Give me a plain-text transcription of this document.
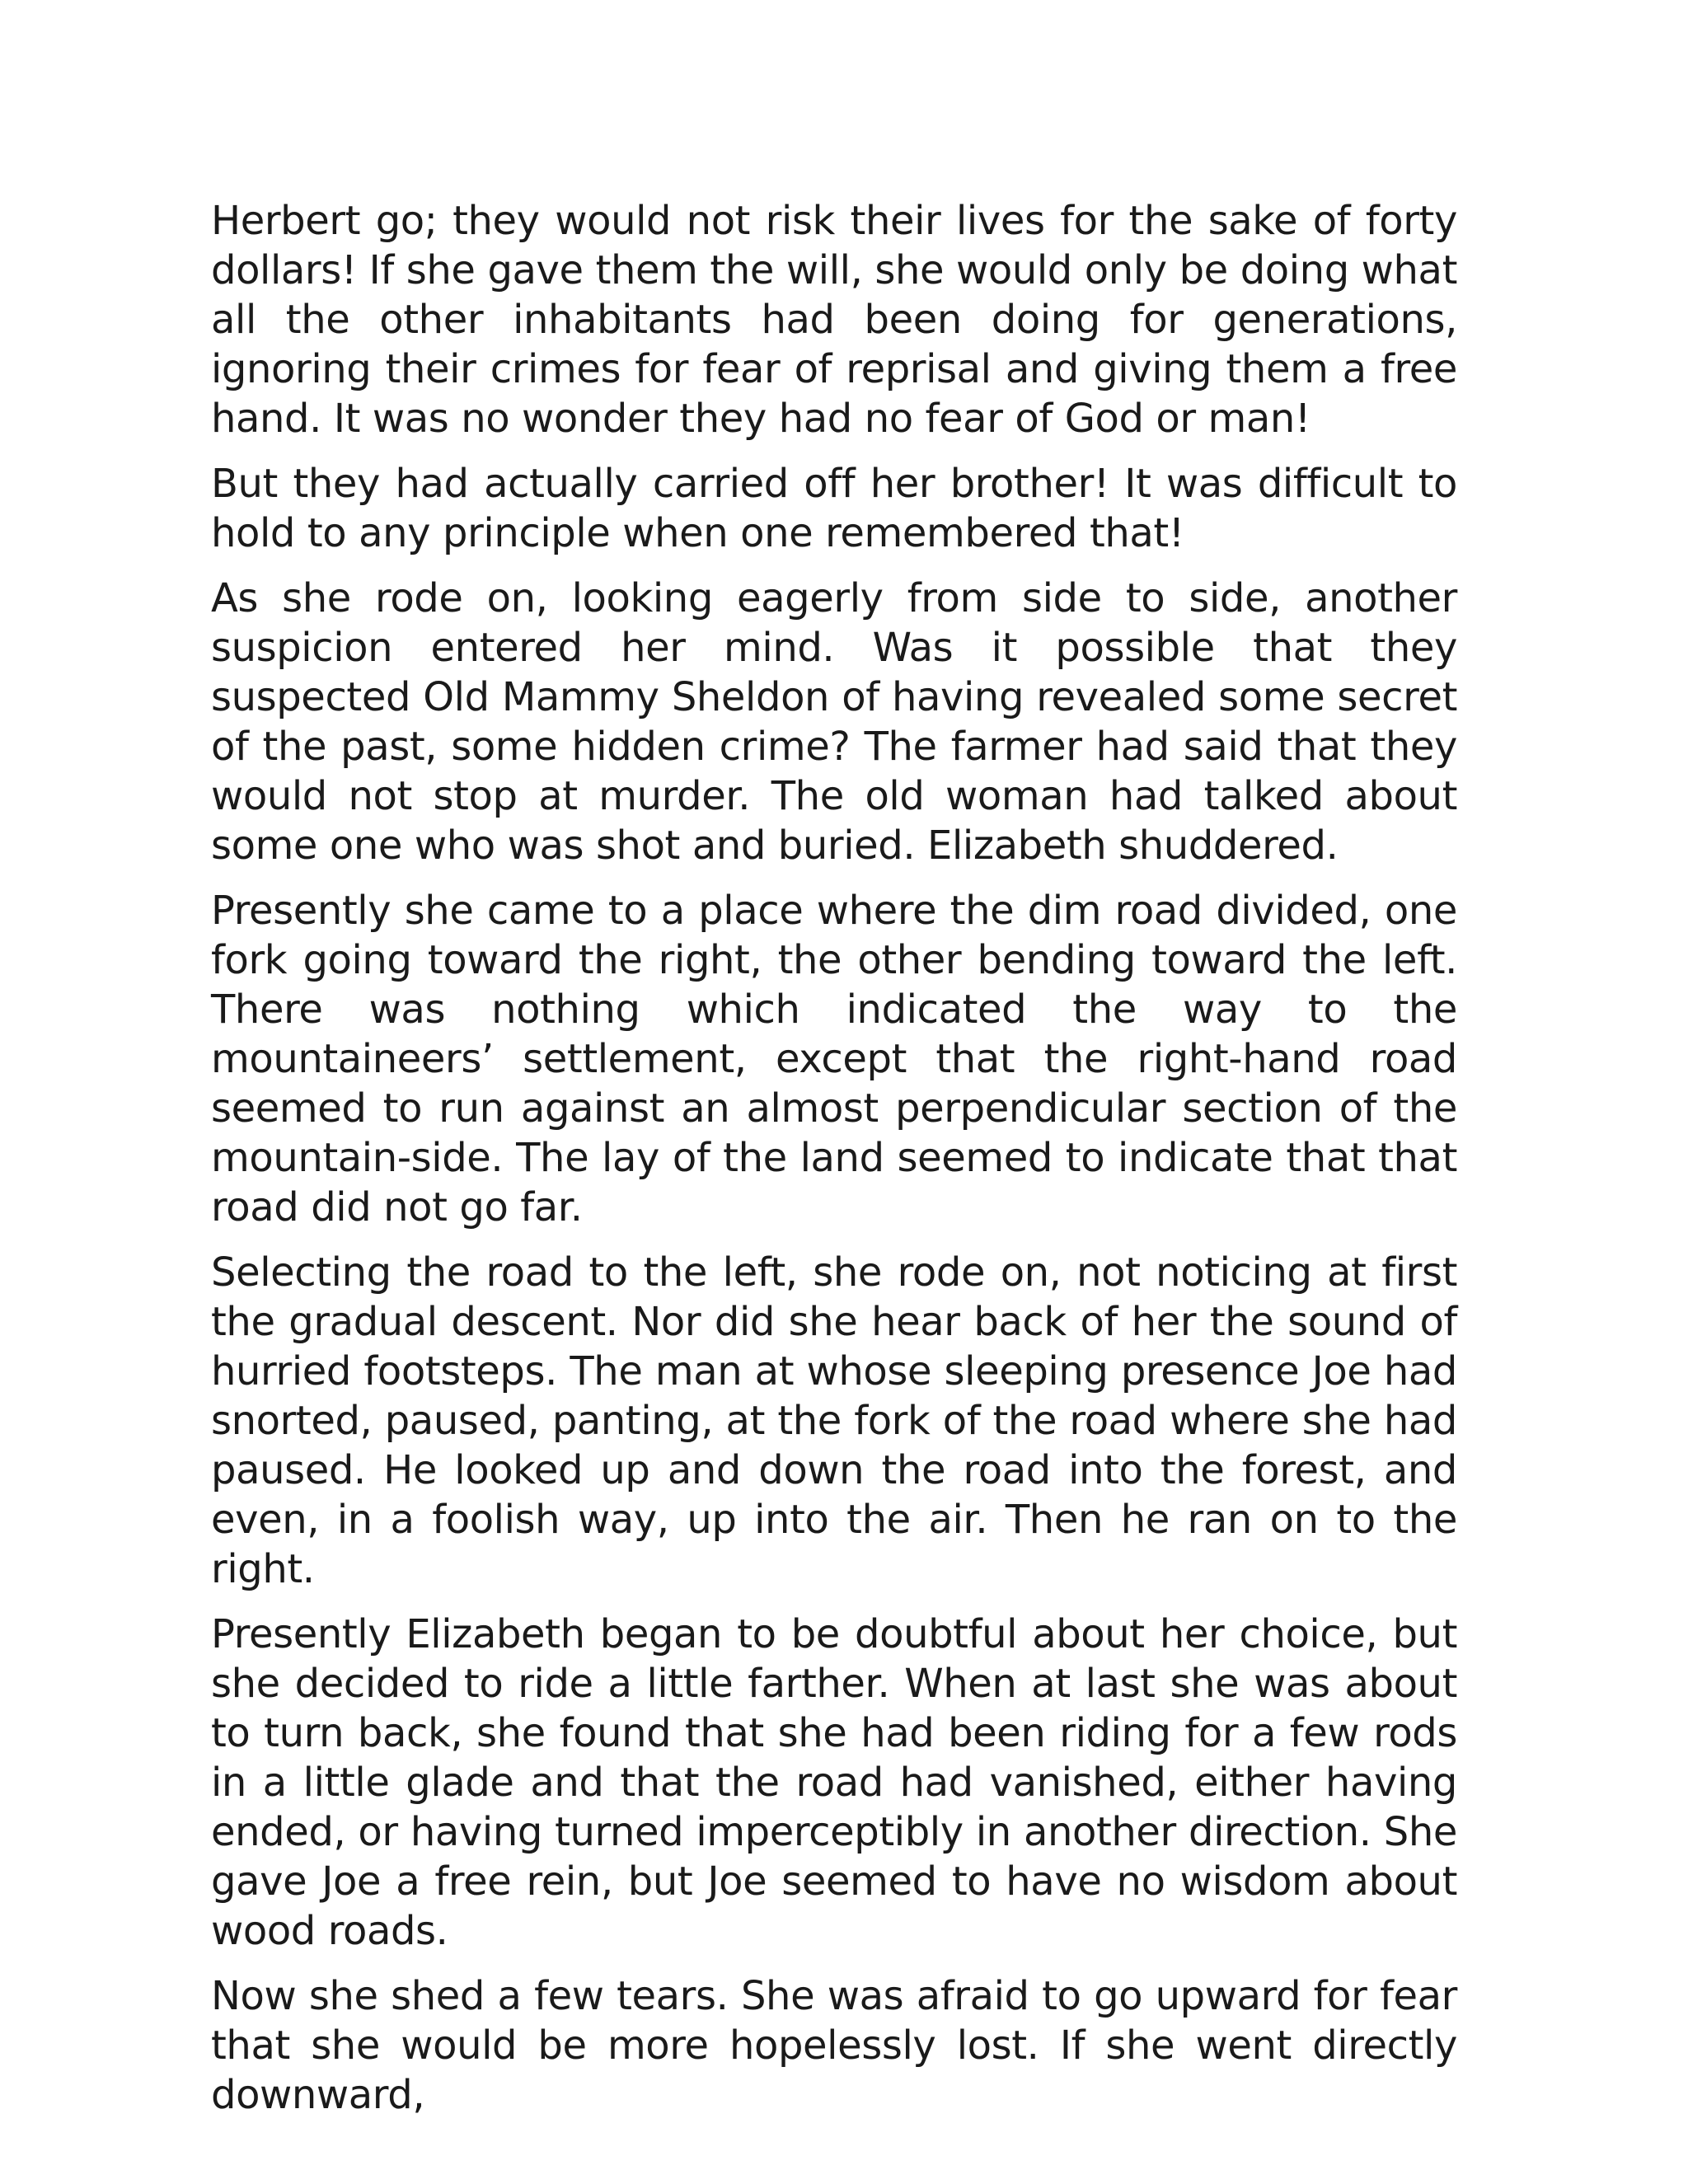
Herbert go; they would not risk their lives for the sake of forty dollars! If she gave them the will, she would only be doing what all the other inhabitants had been doing for generations, ignoring their crimes for fear of reprisal and giving them a free hand. It was no wonder they had no fear of God or man!

But they had actually carried off her brother! It was difficult to hold to any principle when one remembered that!

As she rode on, looking eagerly from side to side, another suspicion entered her mind. Was it possible that they suspected Old Mammy Sheldon of having revealed some secret of the past, some hidden crime? The farmer had said that they would not stop at murder. The old woman had talked about some one who was shot and buried. Elizabeth shuddered.

Presently she came to a place where the dim road divided, one fork going toward the right, the other bending toward the left. There was nothing which indicated the way to the mountaineers’ settlement, except that the right-hand road seemed to run against an almost perpendicular section of the mountain-side. The lay of the land seemed to indicate that that road did not go far.

Selecting the road to the left, she rode on, not noticing at first the gradual descent. Nor did she hear back of her the sound of hurried footsteps. The man at whose sleeping presence Joe had snorted, paused, panting, at the fork of the road where she had paused. He looked up and down the road into the forest, and even, in a foolish way, up into the air. Then he ran on to the right.

Presently Elizabeth began to be doubtful about her choice, but she decided to ride a little farther. When at last she was about to turn back, she found that she had been riding for a few rods in a little glade and that the road had vanished, either having ended, or having turned imperceptibly in another direction. She gave Joe a free rein, but Joe seemed to have no wisdom about wood roads.

Now she shed a few tears. She was afraid to go upward for fear that she would be more hopelessly lost. If she went directly downward,
